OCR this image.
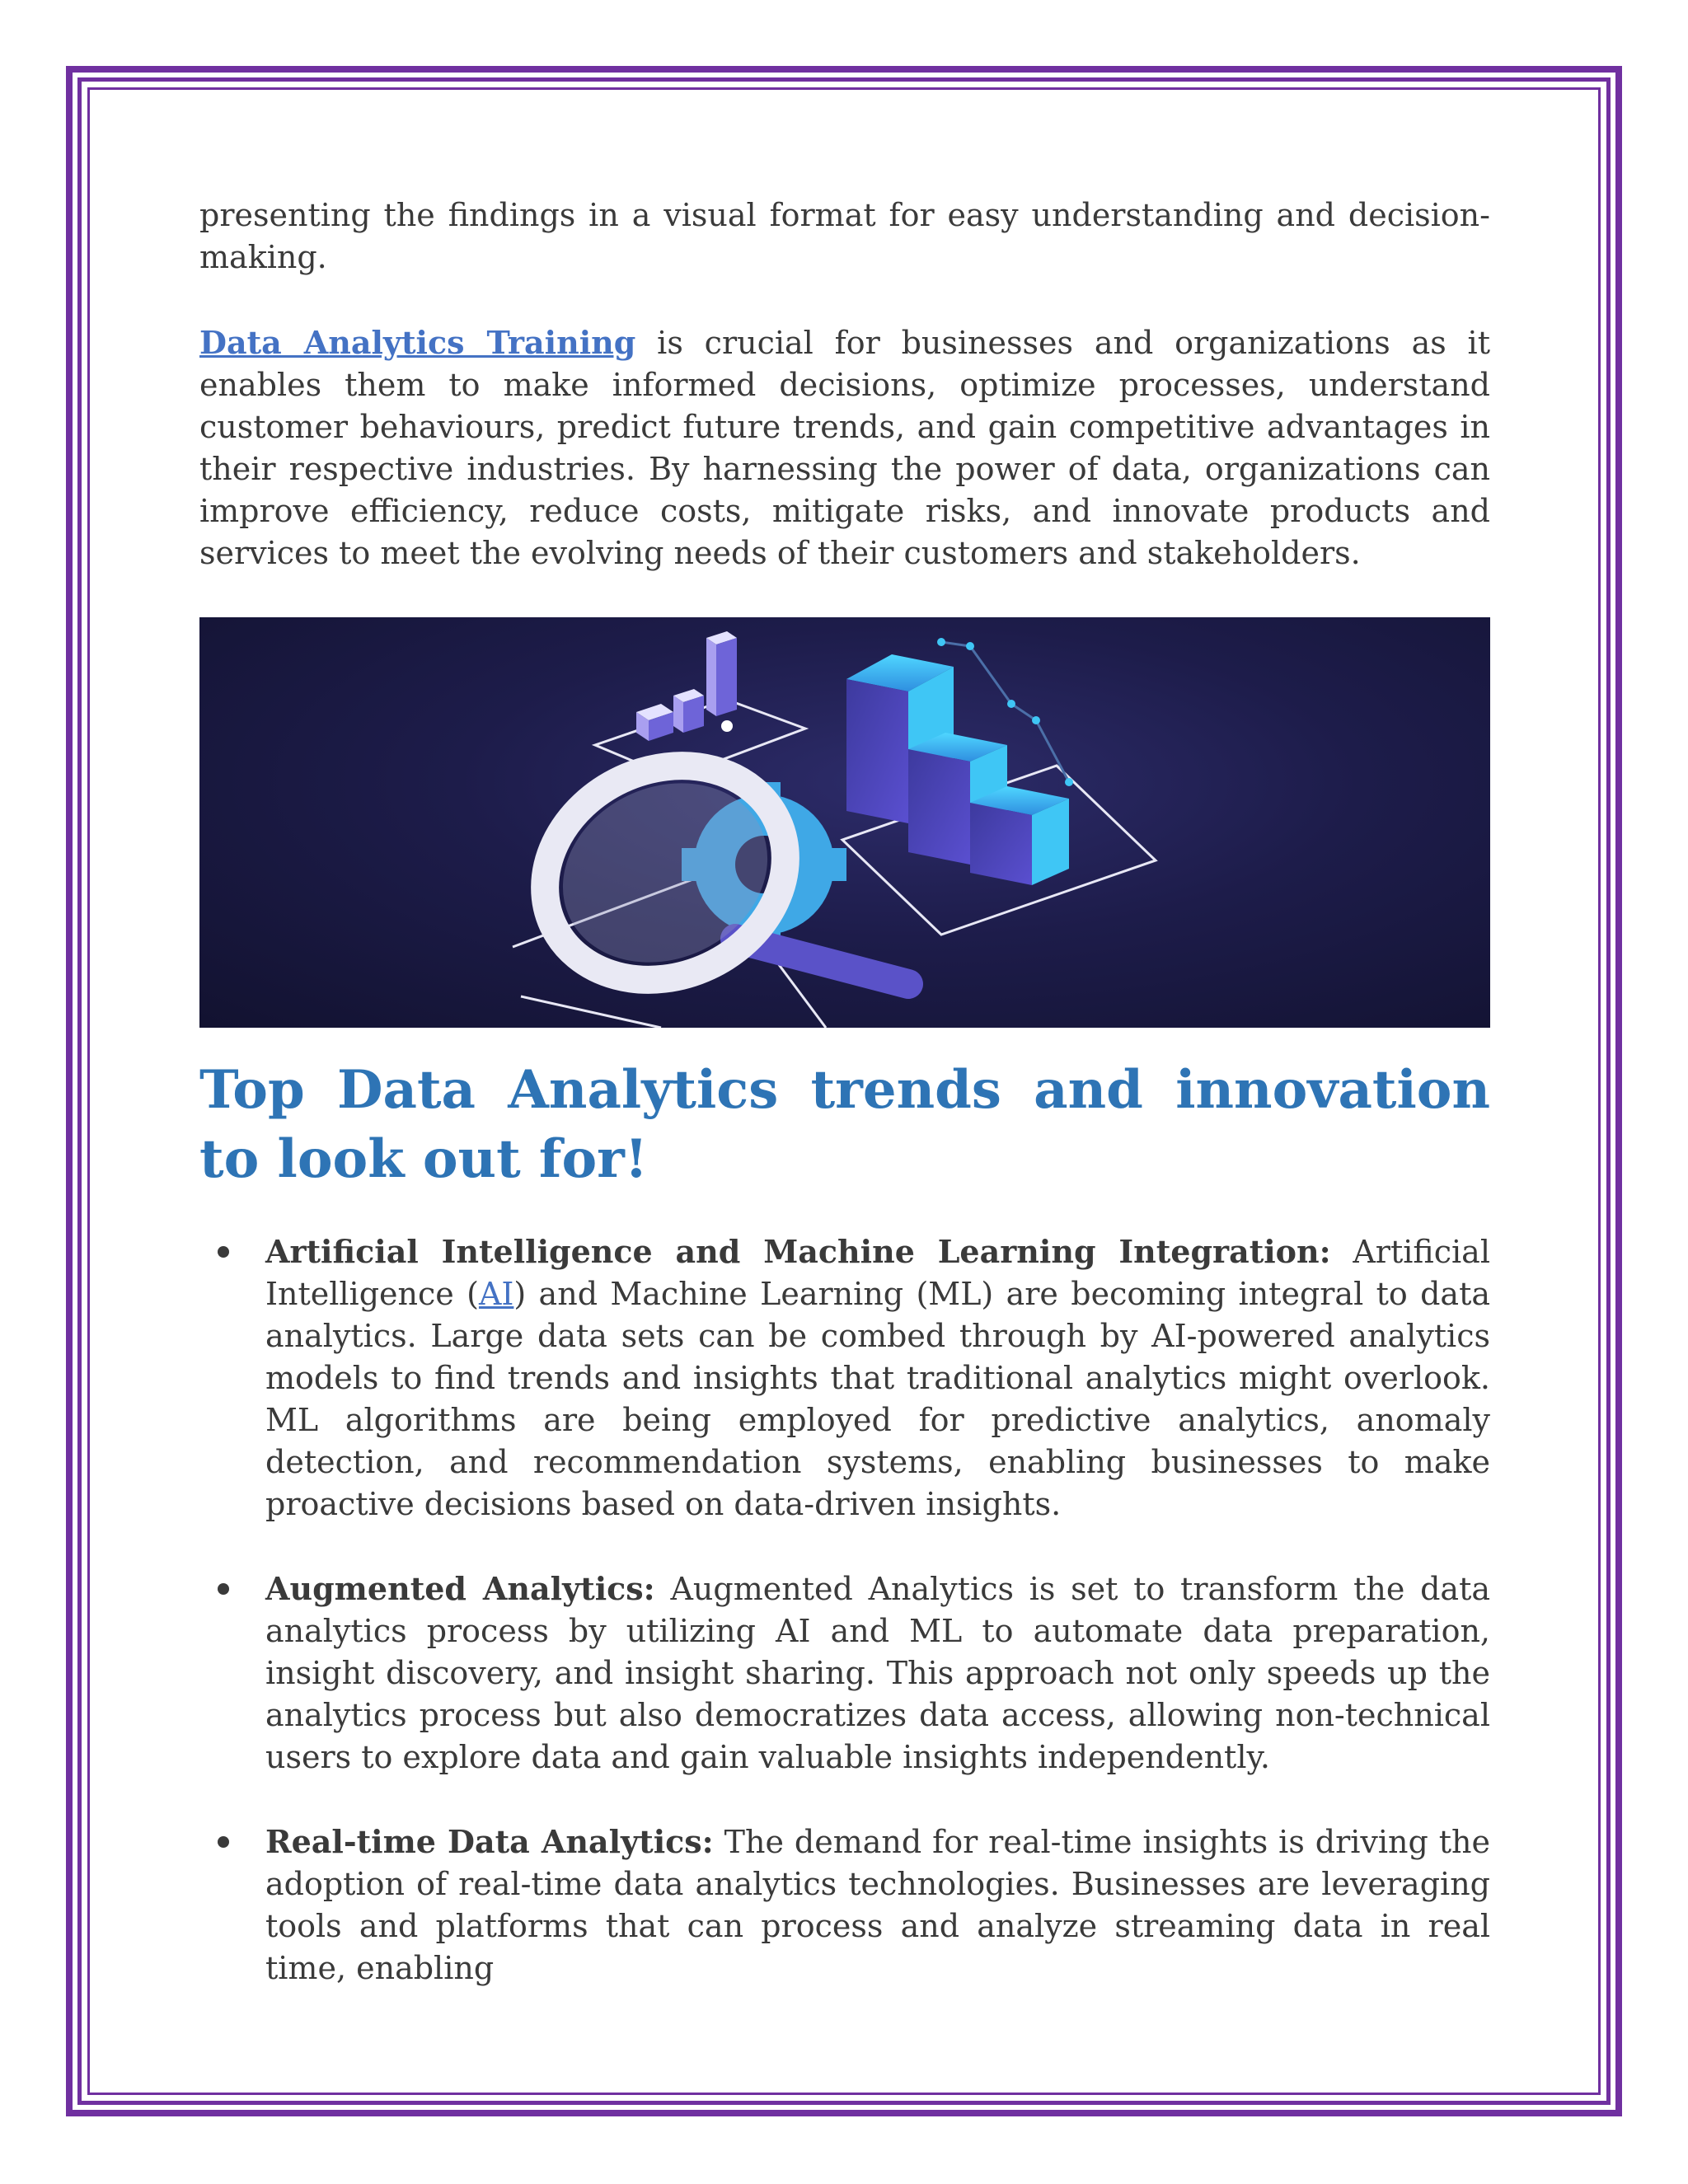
presenting the findings in a visual format for easy understanding and decision-making.

Data Analytics Training is crucial for businesses and organizations as it enables them to make informed decisions, optimize processes, understand customer behaviours, predict future trends, and gain competitive advantages in their respective industries. By harnessing the power of data, organizations can improve efficiency, reduce costs, mitigate risks, and innovate products and services to meet the evolving needs of their customers and stakeholders.

Top Data Analytics trends and innovation to look out for!
Artificial Intelligence and Machine Learning Integration: Artificial Intelligence (AI) and Machine Learning (ML) are becoming integral to data analytics. Large data sets can be combed through by AI-powered analytics models to find trends and insights that traditional analytics might overlook. ML algorithms are being employed for predictive analytics, anomaly detection, and recommendation systems, enabling businesses to make proactive decisions based on data-driven insights.
Augmented Analytics: Augmented Analytics is set to transform the data analytics process by utilizing AI and ML to automate data preparation, insight discovery, and insight sharing. This approach not only speeds up the analytics process but also democratizes data access, allowing non-technical users to explore data and gain valuable insights independently.
Real-time Data Analytics: The demand for real-time insights is driving the adoption of real-time data analytics technologies. Businesses are leveraging tools and platforms that can process and analyze streaming data in real time, enabling
